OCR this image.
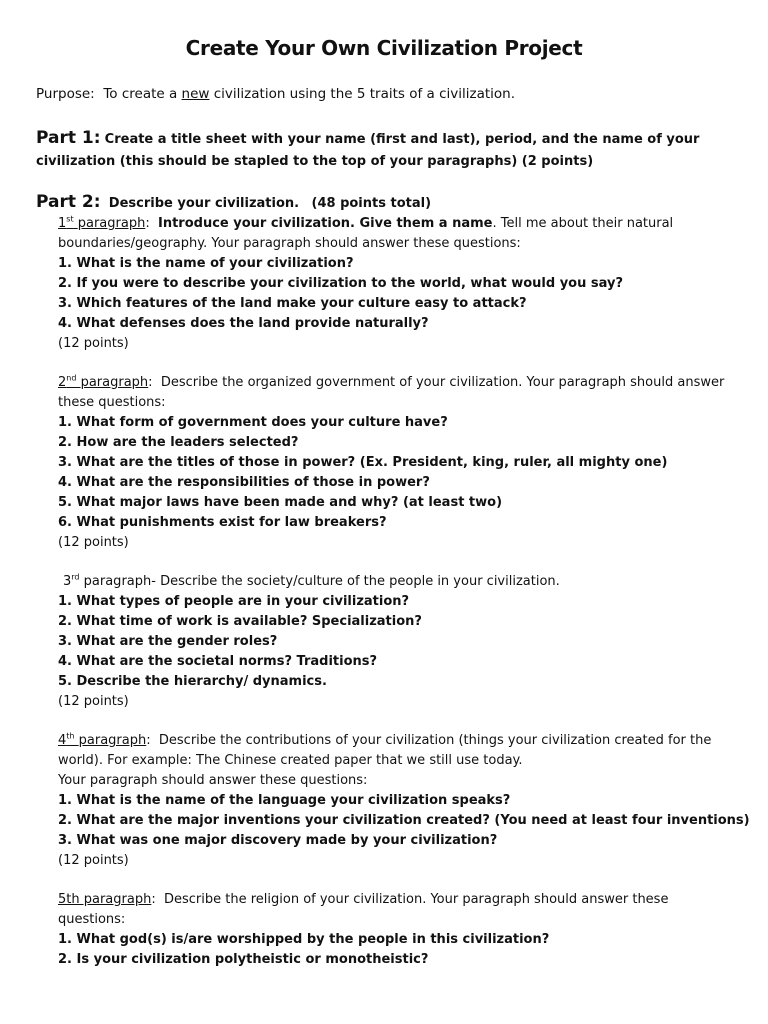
Create Your Own Civilization Project
Purpose: To create a new civilization using the 5 traits of a civilization.
Part 1: Create a title sheet with your name (first and last), period, and the name of your civilization (this should be stapled to the top of your paragraphs) (2 points)
Part 2: Describe your civilization. (48 points total)
1st paragraph:  Introduce your civilization. Give them a name. Tell me about their natural boundaries/geography. Your paragraph should answer these questions:
1. What is the name of your civilization?
2. If you were to describe your civilization to the world, what would you say?
3. Which features of the land make your culture easy to attack?
4. What defenses does the land provide naturally?
(12 points)
2nd paragraph:  Describe the organized government of your civilization. Your paragraph should answer these questions:
1. What form of government does your culture have?
2. How are the leaders selected?
3. What are the titles of those in power? (Ex. President, king, ruler, all mighty one)
4. What are the responsibilities of those in power?
5. What major laws have been made and why? (at least two)
6. What punishments exist for law breakers?
(12 points)
3rd paragraph- Describe the society/culture of the people in your civilization.
1. What types of people are in your civilization?
2. What time of work is available? Specialization?
3. What are the gender roles?
4. What are the societal norms? Traditions?
5. Describe the hierarchy/ dynamics.
(12 points)
4th paragraph:  Describe the contributions of your civilization (things your civilization created for the world). For example: The Chinese created paper that we still use today.
Your paragraph should answer these questions:
1. What is the name of the language your civilization speaks?
2. What are the major inventions your civilization created? (You need at least four inventions)
3. What was one major discovery made by your civilization?
(12 points)
5th paragraph:  Describe the religion of your civilization. Your paragraph should answer these questions:
1. What god(s) is/are worshipped by the people in this civilization?
2. Is your civilization polytheistic or monotheistic?
